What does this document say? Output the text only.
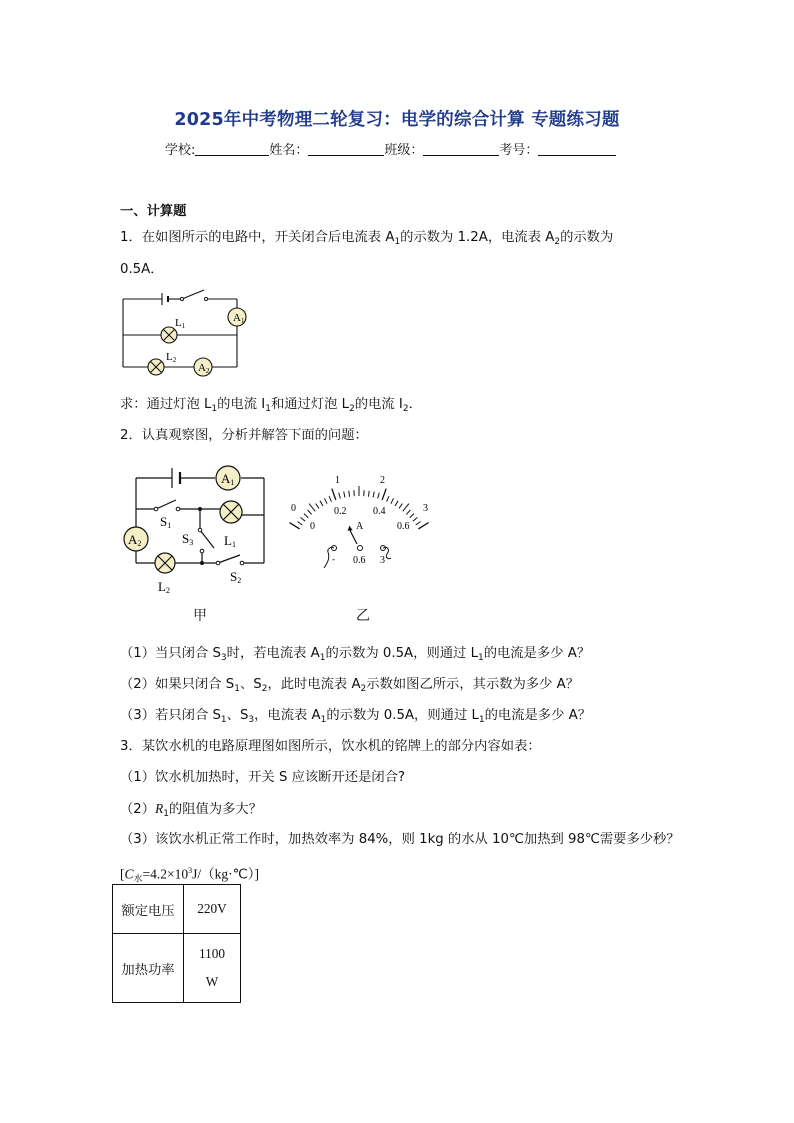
2025年中考物理二轮复习：电学的综合计算 专题练习题
学校:	姓名：	班级：	考号：
一、计算题
1．在如图所示的电路中，开关闭合后电流表 $A_1$的示数为 1.2A，电流表 $A_2$的示数为
0.5A．
A1
L1
L2
A2
求：通过灯泡 $L_1$的电流 $I_1$和通过灯泡 $L_2$的电流 $I_2$．
2．认真观察图，分析并解答下面的问题：
A1
A2	L1
L2
S1
S3
S2
0
1	2
3
0
0.2	0.4
0.6
A
- 0.6 3
甲	乙
（1）当只闭合 $S_3$时，若电流表 $A_1$的示数为 0.5A，则通过 $L_1$的电流是多少 A？
（2）如果只闭合 $S_1$、$S_2$，此时电流表 $A_2$示数如图乙所示，其示数为多少 A？
（3）若只闭合 $S_1$、$S_3$，电流表 $A_1$的示数为 0.5A，则通过 $L_1$的电流是多少 A？
3．某饮水机的电路原理图如图所示，饮水机的铭牌上的部分内容如表：
（1）饮水机加热时，开关 S 应该断开还是闭合?
$(2)R_1$的阻值为多大？
（3）该饮水机正常工作时，加热效率为 84%，则 1kg 的水从 10℃加热到 98℃需要多少秒？
$[C_水=4.2\times 10^3J/(kg\cdot℃)]$
额定电压	220V
加热功率	1100
W
